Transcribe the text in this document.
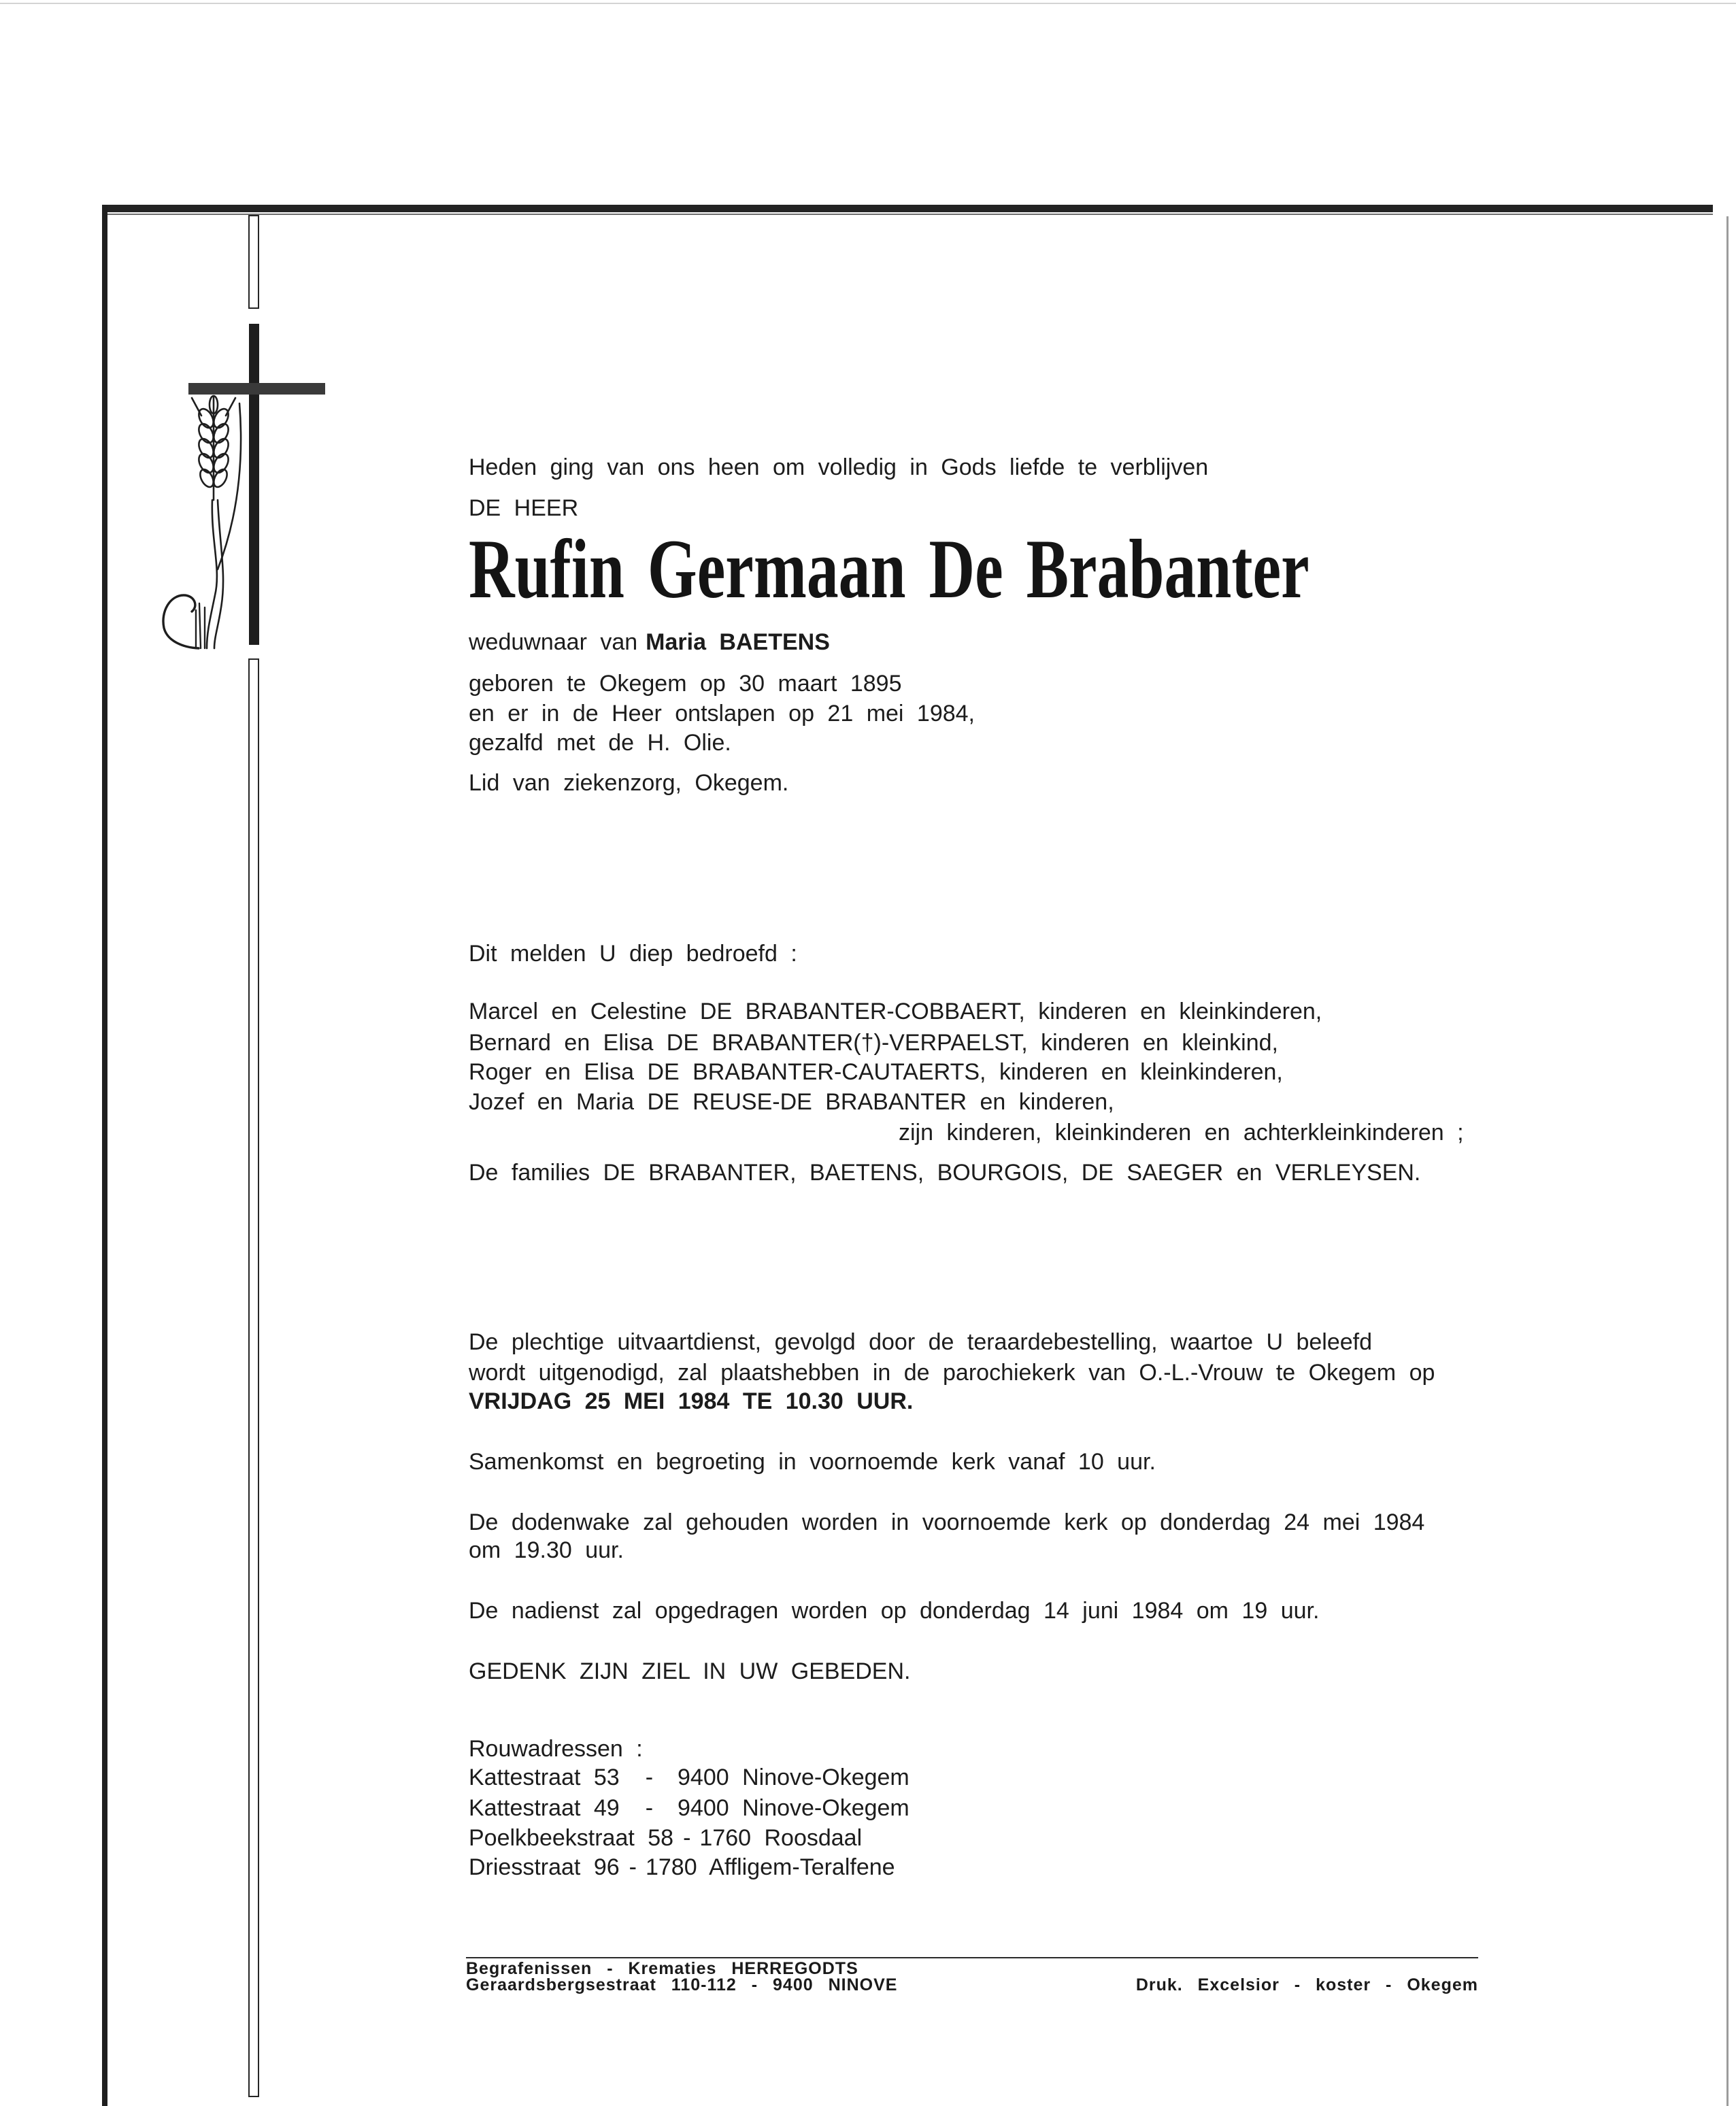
Heden ging van ons heen om volledig in Gods liefde te verblijven
DE HEER
Rufin Germaan De Brabanter
weduwnaar van Maria BAETENS
geboren te Okegem op 30 maart 1895
en er in de Heer ontslapen op 21 mei 1984,
gezalfd met de H. Olie.
Lid van ziekenzorg, Okegem.
Dit melden U diep bedroefd :
Marcel en Celestine DE BRABANTER-COBBAERT, kinderen en kleinkinderen,
Bernard en Elisa DE BRABANTER(†)-VERPAELST, kinderen en kleinkind,
Roger en Elisa DE BRABANTER-CAUTAERTS, kinderen en kleinkinderen,
Jozef en Maria DE REUSE-DE BRABANTER en kinderen,
zijn kinderen, kleinkinderen en achterkleinkinderen ;
De families DE BRABANTER, BAETENS, BOURGOIS, DE SAEGER en VERLEYSEN.
De plechtige uitvaartdienst, gevolgd door de teraardebestelling, waartoe U beleefd
wordt uitgenodigd, zal plaatshebben in de parochiekerk van O.-L.-Vrouw te Okegem op
VRIJDAG 25 MEI 1984 TE 10.30 UUR.
Samenkomst en begroeting in voornoemde kerk vanaf 10 uur.
De dodenwake zal gehouden worden in voornoemde kerk op donderdag 24 mei 1984
om 19.30 uur.
De nadienst zal opgedragen worden op donderdag 14 juni 1984 om 19 uur.
GEDENK ZIJN ZIEL IN UW GEBEDEN.
Rouwadressen :
Kattestraat 53 - 9400 Ninove-Okegem
Kattestraat 49 - 9400 Ninove-Okegem
Poelkbeekstraat 58 - 1760 Roosdaal
Driesstraat 96 - 1780 Affligem-Teralfene
Begrafenissen - Krematies HERREGODTS
Geraardsbergsestraat 110-112 - 9400 NINOVE	Druk. Excelsior - koster - Okegem
